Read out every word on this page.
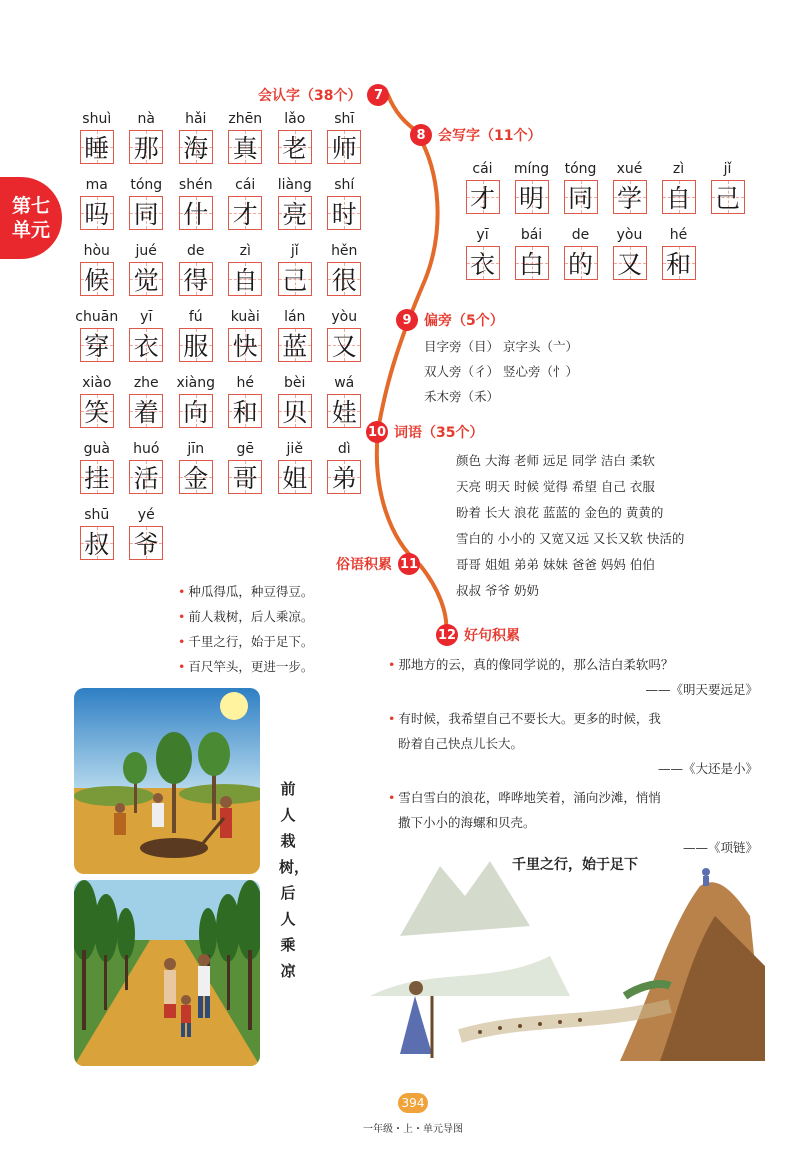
第七单元
会认字（38个） 7
shuì
睡
nà
那
hǎi
海
zhēn
真
lǎo
老
shī
师
ma
吗
tóng
同
shén
什
cái
才
liàng
亮
shí
时
hòu
候
jué
觉
de
得
zì
自
jǐ
己
hěn
很
chuān
穿
yī
衣
fú
服
kuài
快
lán
蓝
yòu
又
xiào
笑
zhe
着
xiàng
向
hé
和
bèi
贝
wá
娃
guà
挂
huó
活
jīn
金
gē
哥
jiě
姐
dì
弟
shū
叔
yé
爷
8 会写字（11个）
cái
才
míng
明
tóng
同
xué
学
zì
自
jǐ
己
yī
衣
bái
白
de
的
yòu
又
hé
和
9 偏旁（5个）
目字旁（目） 京字头（亠）
双人旁（彳） 竖心旁（忄）
禾木旁（禾）
10 词语（35个）
颜色 大海 老师 远足 同学 洁白 柔软
天亮 明天 时候 觉得 希望 自己 衣服
盼着 长大 浪花 蓝蓝的 金色的 黄黄的
雪白的 小小的 又宽又远 又长又软 快活的
哥哥 姐姐 弟弟 妹妹 爸爸 妈妈 伯伯
叔叔 爷爷 奶奶
俗语积累 11
• 种瓜得瓜，种豆得豆。
• 前人栽树，后人乘凉。
• 千里之行，始于足下。
• 百尺竿头，更进一步。
12 好句积累
• 那地方的云，真的像同学说的，那么洁白柔软吗？
——《明天要远足》
• 有时候，我希望自己不要长大。更多的时候，我
盼着自己快点儿长大。
——《大还是小》
• 雪白雪白的浪花，哗哗地笑着，涌向沙滩，悄悄
撒下小小的海螺和贝壳。
——《项链》
前人栽树，后人乘凉
千里之行，始于足下
394
一年级・上・单元导图
